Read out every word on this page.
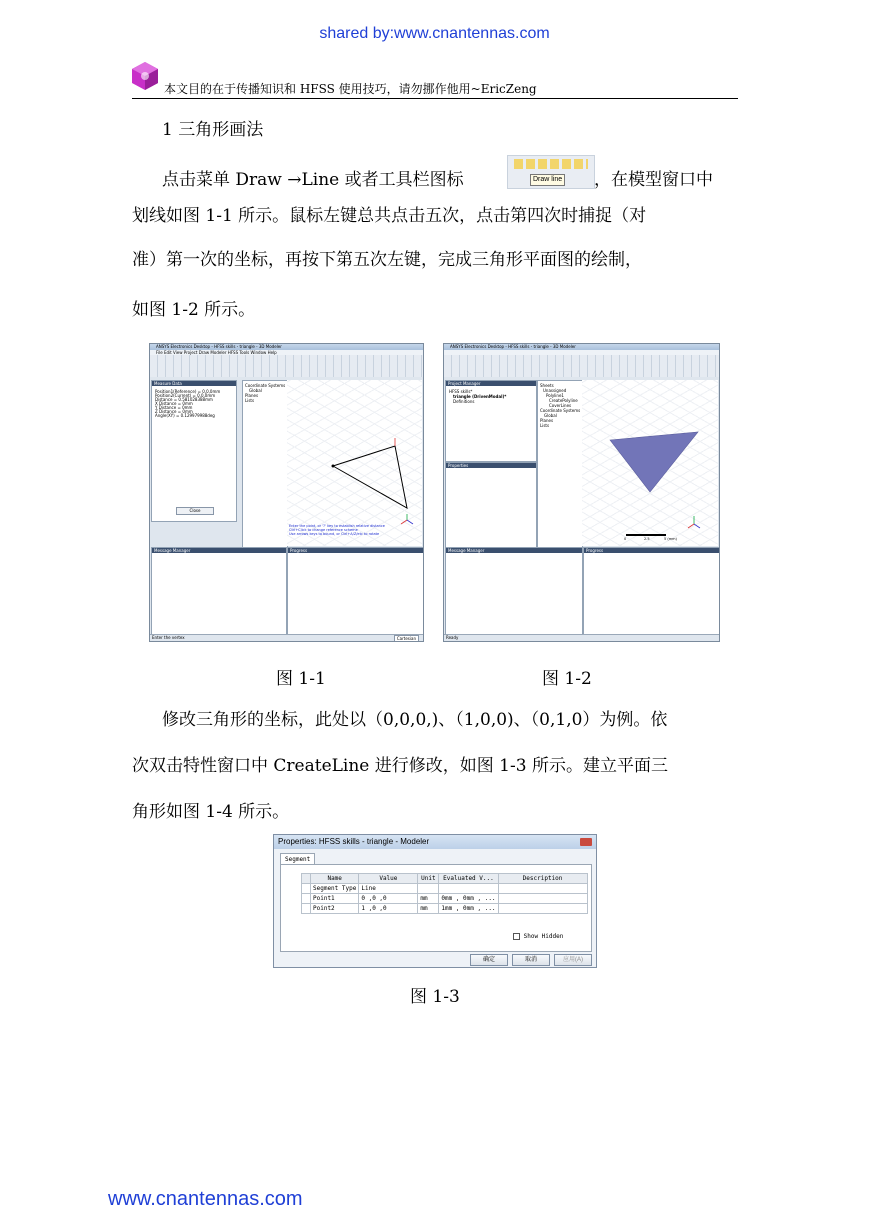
shared by:www.cnantennas.com
本文目的在于传播知识和 HFSS 使用技巧，请勿挪作他用~EricZeng
1 三角形画法
点击菜单 Draw →Line 或者工具栏图标	Draw line ，在模型窗口中
划线如图 1-1 所示。鼠标左键总共点击五次，点击第四次时捕捉（对
准）第一次的坐标，再按下第五次左键，完成三角形平面图的绘制，
如图 1-2 所示。
ANSYS Electronics Desktop - HFSS skills - triangle - 3D Modeler
File Edit View Project Draw Modeler HFSS Tools Window Help
Measure Data
Position1(Reference) = 0,0,0mm
Position2(Current) = 0,0,0mm
Distance = 0.581028388mm
X Distance = 0mm
Y Distance = 0mm
Z Distance = 0mm
Angle(XY) = 0.129979988deg
Close
Coordinate Systems
Global
Planes
Lists
Enter the point, or '?' key to establish relative distance
Ctrl+Click to change reference scheme
Use arrows keys to bound, or Ctrl+A/Z/etc to rotate
Message Manager	Progress
Enter the vertex	Cartesian
ANSYS Electronics Desktop - HFSS skills - triangle - 3D Modeler
Project Manager
HFSS skills*
triangle (DrivenModal)*
Definitions
Properties
Sheets
Unassigned
Polyline1
CreatePolyline
CoverLines
Coordinate Systems
Global
Planes
Lists
0	2.5	5 (mm)
Message Manager	Progress
Ready
图 1-1	图 1-2
修改三角形的坐标，此处以（0,0,0,)、（1,0,0)、（0,1,0）为例。依
次双击特性窗口中 CreateLine 进行修改，如图 1-3 所示。建立平面三
角形如图 1-4 所示。
Properties: HFSS skills - triangle - Modeler
Segment
	Name	Value	Unit	Evaluated V...	Description
	Segment Type	Line			
	Point1	0 ,0 ,0	mm	0mm , 0mm , ...	
	Point2	1 ,0 ,0	mm	1mm , 0mm , ...	
Show Hidden
确定	取消	应用(A)
图 1-3
www.cnantennas.com
